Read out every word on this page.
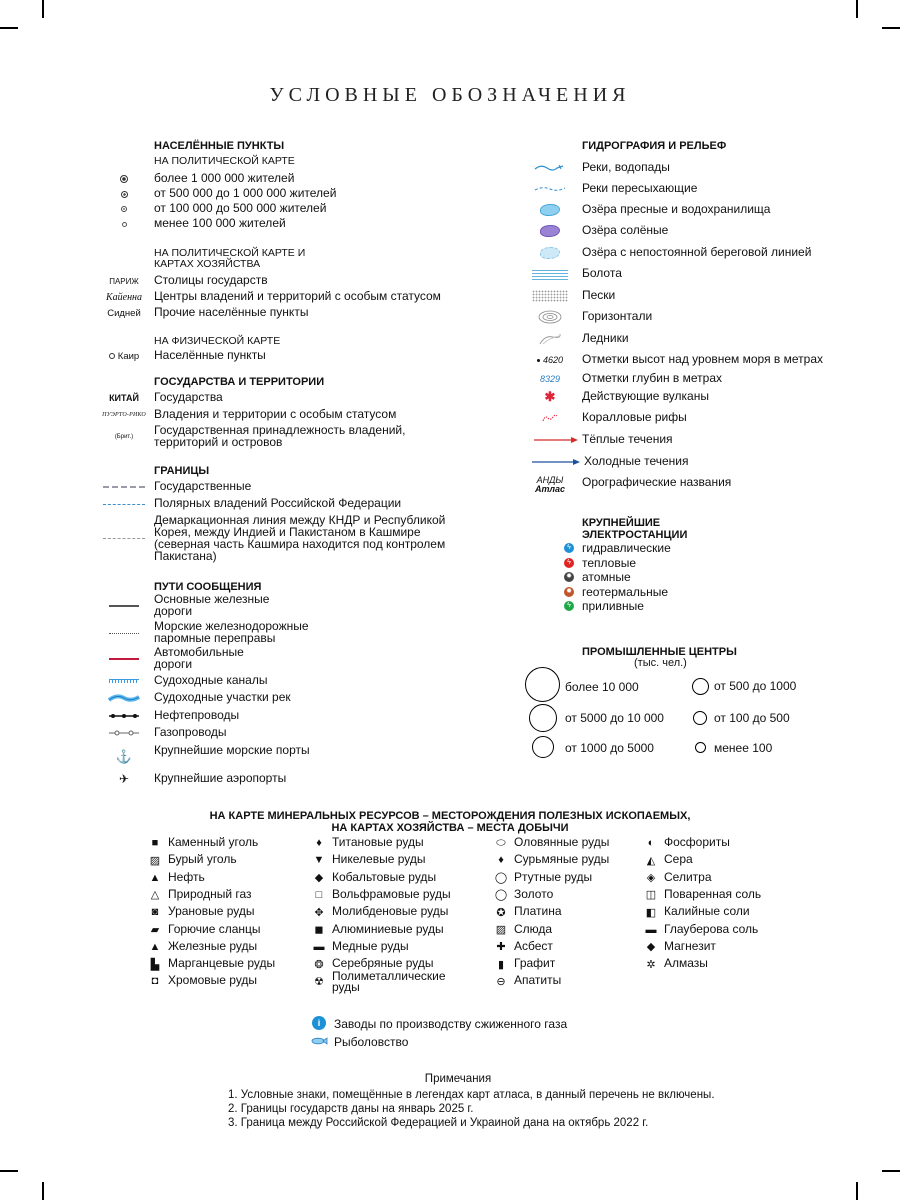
УСЛОВНЫЕ ОБОЗНАЧЕНИЯ
НАСЕЛЁННЫЕ ПУНКТЫ
НА ПОЛИТИЧЕСКОЙ КАРТЕ
более 1 000 000 жителей
от 500 000 до 1 000 000 жителей
от 100 000 до 500 000 жителей
менее 100 000 жителей
НА ПОЛИТИЧЕСКОЙ КАРТЕ И КАРТАХ ХОЗЯЙСТВА
ПАРИЖ	Столицы государств
Кайенна	Центры владений и территорий с особым статусом
Сидней	Прочие населённые пункты
НА ФИЗИЧЕСКОЙ КАРТЕ
Каир Населённые пункты
ГОСУДАРСТВА И ТЕРРИТОРИИ
КИТАЙ	Государства
ПУЭРТО-РИКО Владения и территории с особым статусом
(Брит.)	Государственная принадлежность владений, территорий и островов
ГРАНИЦЫ
Государственные
Полярных владений Российской Федерации
Демаркационная линия между КНДР и Республикой Корея, между Индией и Пакистаном в Кашмире (северная часть Кашмира находится под контролем Пакистана)
ПУТИ СООБЩЕНИЯ
Основные железные дороги
Морские железнодорожные паромные переправы
Автомобильные дороги
Судоходные каналы
Судоходные участки рек
Нефтепроводы
Газопроводы
⚓	Крупнейшие морские порты
✈	Крупнейшие аэропорты
ГИДРОГРАФИЯ И РЕЛЬЕФ
Реки, водопады
Реки пересыхающие
Озёра пресные и водохранилища
Озёра солёные
Озёра с непостоянной береговой линией
Болота
Пески
Горизонтали
Ледники
4620 Отметки высот над уровнем моря в метрах
8329	Отметки глубин в метрах
✱	Действующие вулканы
Коралловые рифы
Тёплые течения
Холодные течения
АНДЫ
Атлас Орографические названия
КРУПНЕЙШИЕ
ЭЛЕКТРОСТАНЦИИ
ϟ гидравлические
ϟ тепловые
✹ атомные
✹ геотермальные
ϟ приливные
ПРОМЫШЛЕННЫЕ ЦЕНТРЫ
(тыс. чел.)
более 10 000
от 5000 до 10 000
от 1000 до 5000
от 500 до 1000
от 100 до 500
менее 100
НА КАРТЕ МИНЕРАЛЬНЫХ РЕСУРСОВ – МЕСТОРОЖДЕНИЯ ПОЛЕЗНЫХ ИСКОПАЕМЫХ,
НА КАРТАХ ХОЗЯЙСТВА – МЕСТА ДОБЫЧИ
■ Каменный уголь
▨ Бурый уголь
▲ Нефть
△ Природный газ
◙ Урановые руды
▰ Горючие сланцы
▲ Железные руды
▙ Марганцевые руды
◘ Хромовые руды
♦ Титановые руды
▼ Никелевые руды
◆ Кобальтовые руды
□ Вольфрамовые руды
✥ Молибденовые руды
◼ Алюминиевые руды
▬ Медные руды
❂ Серебряные руды
☢ Полиметаллические руды
⬭ Оловянные руды
♦ Сурьмяные руды
◯ Ртутные руды
◯ Золото
✪ Платина
▨ Слюда
✚ Асбест
▮ Графит
⊖ Апатиты
◐ Фосфориты
◭ Сера
◈ Селитра
◫ Поваренная соль
◧ Калийные соли
▬ Глауберова соль
◆ Магнезит
✲ Алмазы
i	Заводы по производству сжиженного газа
Рыболовство
Примечания
1. Условные знаки, помещённые в легендах карт атласа, в данный перечень не включены.
2. Границы государств даны на январь 2025 г.
3. Граница между Российской Федерацией и Украиной дана на октябрь 2022 г.
